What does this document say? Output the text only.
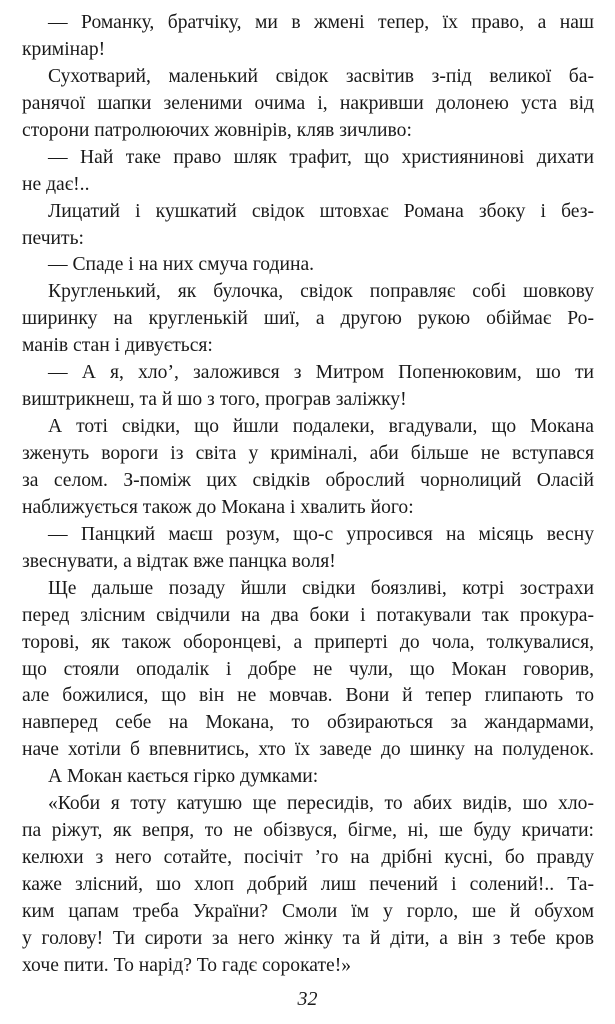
— Романку, братчіку, ми в жмені тепер, їх право, а наш
кримінар!
Сухотварий, маленький свідок засвітив з-під великої ба-
ранячої шапки зеленими очима і, накривши долонею уста від
сторони патролюючих жовнірів, кляв зичливо:
— Най таке право шляк трафит, що християнинові дихати
не дає!..
Лицатий і кушкатий свідок штовхає Романа збоку і без-
печить:
— Спаде і на них смуча година.
Кругленький, як булочка, свідок поправляє собі шовкову
ширинку на кругленькій шиї, а другою рукою обіймає Ро-
манів стан і дивується:
— А я, хло’, заложився з Митром Попенюковим, шо ти
виштрикнеш, та й шо з того, програв заліжку!
А тоті свідки, що йшли подалеки, вгадували, що Мокана
зженуть вороги із світа у криміналі, аби більше не вступався
за селом. З-поміж цих свідків оброслий чорнолиций Оласій
наближується також до Мокана і хвалить його:
— Панцкий маєш розум, що-с упросився на місяць весну
звеснувати, а відтак вже панцка воля!
Ще дальше позаду йшли свідки боязливі, котрі зострахи
перед злісним свідчили на два боки і потакували так прокура-
торові, як також оборонцеві, а приперті до чола, толкувалися,
що стояли оподалік і добре не чули, що Мокан говорив,
але божилися, що він не мовчав. Вони й тепер глипають то
навперед себе на Мокана, то обзираються за жандармами,
наче хотіли б впевнитись, хто їх заведе до шинку на полуденок.
А Мокан кається гірко думками:
«Коби я тоту катушю ще пересидів, то абих видів, шо хло-
па ріжут, як вепря, то не обізвуся, бігме, ні, ше буду кричати:
келюхи з него сотайте, посічіт ’го на дрібні кусні, бо правду
каже злісний, шо хлоп добрий лиш печений і солений!.. Та-
ким цапам треба України? Смоли їм у горло, ше й обухом
у голову! Ти сироти за него жінку та й діти, а він з тебе кров
хоче пити. То нарід? То гадє сорокате!»
32
